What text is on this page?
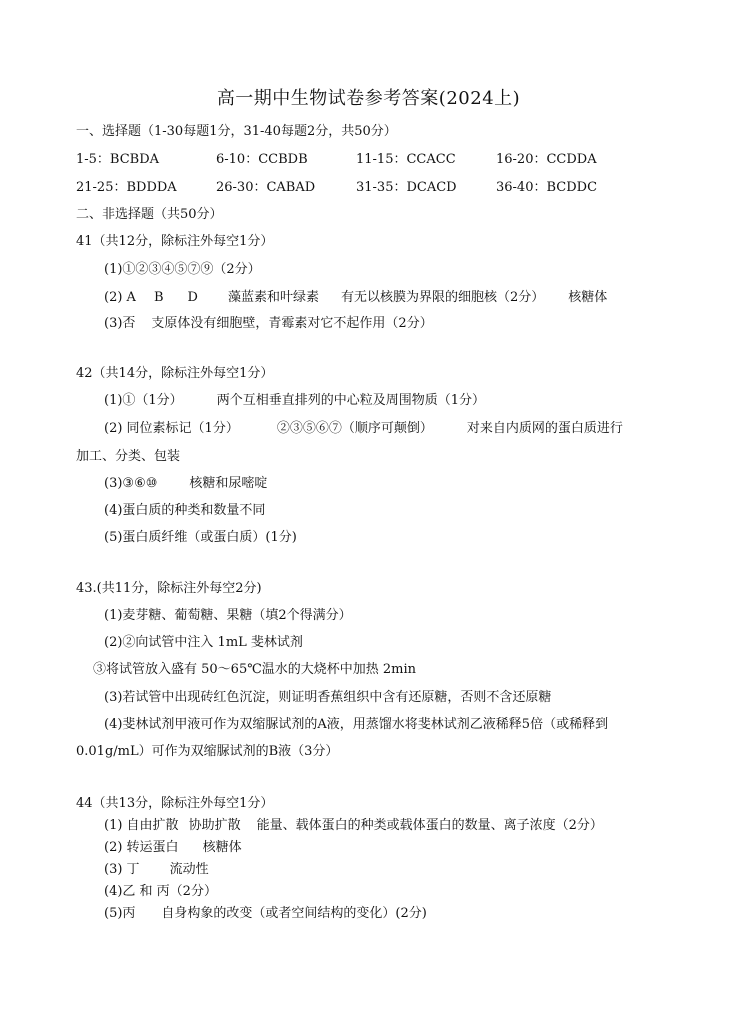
高一期中生物试卷参考答案(2024上)
一、选择题（1-30每题1分，31-40每题2分，共50分）
1-5：BCBDA	6-10：CCBDB	11-15：CCACC	16-20：CCDDA
21-25：BDDDA	26-30：CABAD	31-35：DCACD	36-40：BCDDC
二、非选择题（共50分）
41（共12分，除标注外每空1分）
(1)①②③④⑤⑦⑨（2分）
(2) A B D 藻蓝素和叶绿素 有无以核膜为界限的细胞核（2分） 核糖体
(3)否 支原体没有细胞壁，青霉素对它不起作用（2分）
42（共14分，除标注外每空1分）
(1)①（1分）	两个互相垂直排列的中心粒及周围物质（1分）
(2) 同位素标记（1分）	②③⑤⑥⑦（顺序可颠倒）	对来自内质网的蛋白质进行
加工、分类、包装
(3)③⑥⑩ 核糖和尿嘧啶
(4)蛋白质的种类和数量不同
(5)蛋白质纤维（或蛋白质）(1分)
43.(共11分，除标注外每空2分)
(1)麦芽糖、葡萄糖、果糖（填2个得满分）
(2)②向试管中注入 1mL 斐林试剂
③将试管放入盛有 50～65℃温水的大烧杯中加热 2min
(3)若试管中出现砖红色沉淀，则证明香蕉组织中含有还原糖，否则不含还原糖
(4)斐林试剂甲液可作为双缩脲试剂的A液，用蒸馏水将斐林试剂乙液稀释5倍（或稀释到
0.01g/mL）可作为双缩脲试剂的B液（3分）
44（共13分，除标注外每空1分）
(1) 自由扩散 协助扩散 能量、载体蛋白的种类或载体蛋白的数量、离子浓度（2分）
(2) 转运蛋白 核糖体
(3) 丁 流动性
(4)乙 和 丙（2分）
(5)丙 自身构象的改变（或者空间结构的变化）(2分)
